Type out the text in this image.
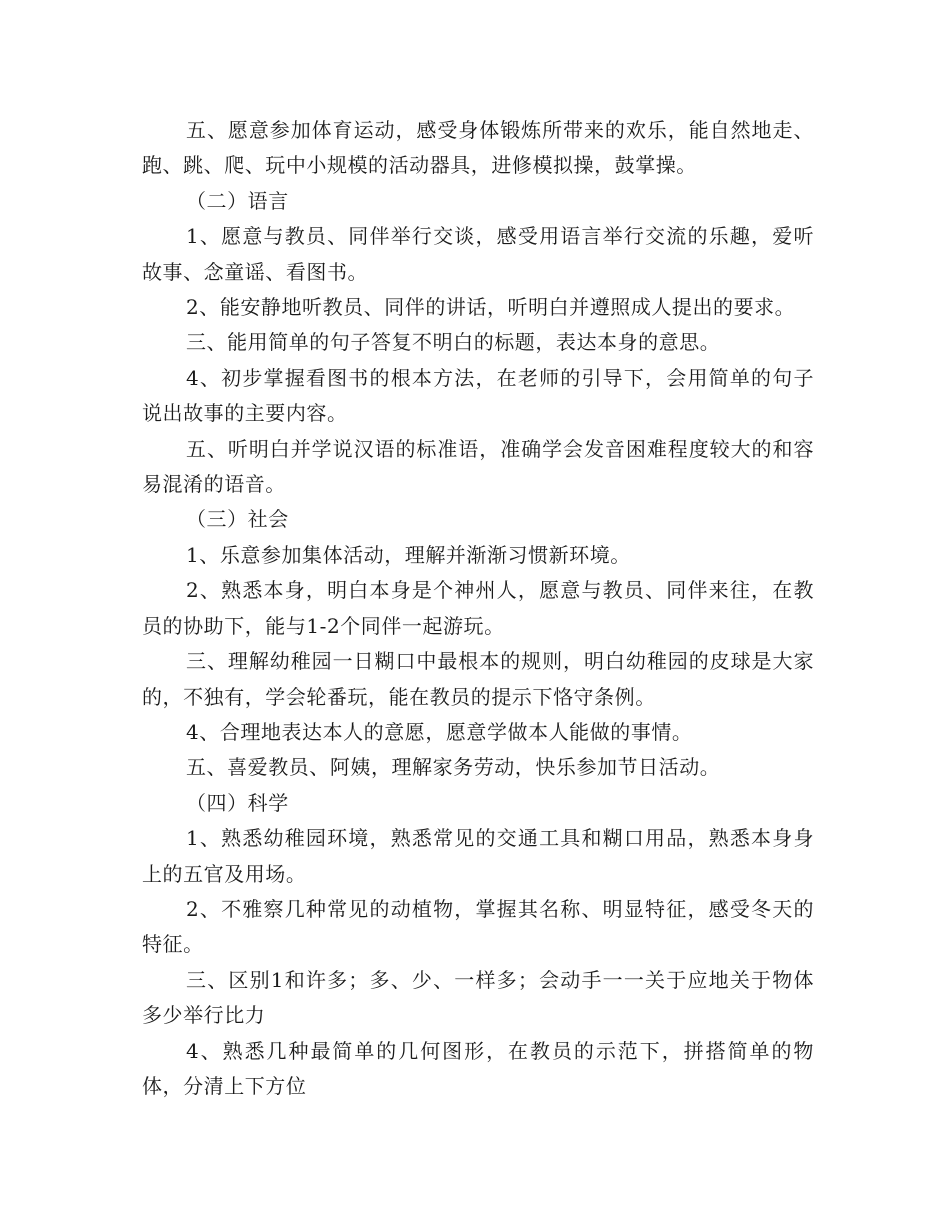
五、愿意参加体育运动，感受身体锻炼所带来的欢乐，能自然地走、跑、跳、爬、玩中小规模的活动器具，进修模拟操，鼓掌操。

（二）语言

1、愿意与教员、同伴举行交谈，感受用语言举行交流的乐趣，爱听故事、念童谣、看图书。

2、能安静地听教员、同伴的讲话，听明白并遵照成人提出的要求。

三、能用简单的句子答复不明白的标题，表达本身的意思。

4、初步掌握看图书的根本方法，在老师的引导下，会用简单的句子说出故事的主要内容。

五、听明白并学说汉语的标准语，准确学会发音困难程度较大的和容易混淆的语音。

（三）社会

1、乐意参加集体活动，理解并渐渐习惯新环境。

2、熟悉本身，明白本身是个神州人，愿意与教员、同伴来往，在教员的协助下，能与1-2个同伴一起游玩。

三、理解幼稚园一日糊口中最根本的规则，明白幼稚园的皮球是大家的，不独有，学会轮番玩，能在教员的提示下恪守条例。

4、合理地表达本人的意愿，愿意学做本人能做的事情。

五、喜爱教员、阿姨，理解家务劳动，快乐参加节日活动。

（四）科学

1、熟悉幼稚园环境，熟悉常见的交通工具和糊口用品，熟悉本身身上的五官及用场。

2、不雅察几种常见的动植物，掌握其名称、明显特征，感受冬天的特征。

三、区别1和许多；多、少、一样多；会动手一一关于应地关于物体多少举行比力

4、熟悉几种最简单的几何图形，在教员的示范下，拼搭简单的物体，分清上下方位
